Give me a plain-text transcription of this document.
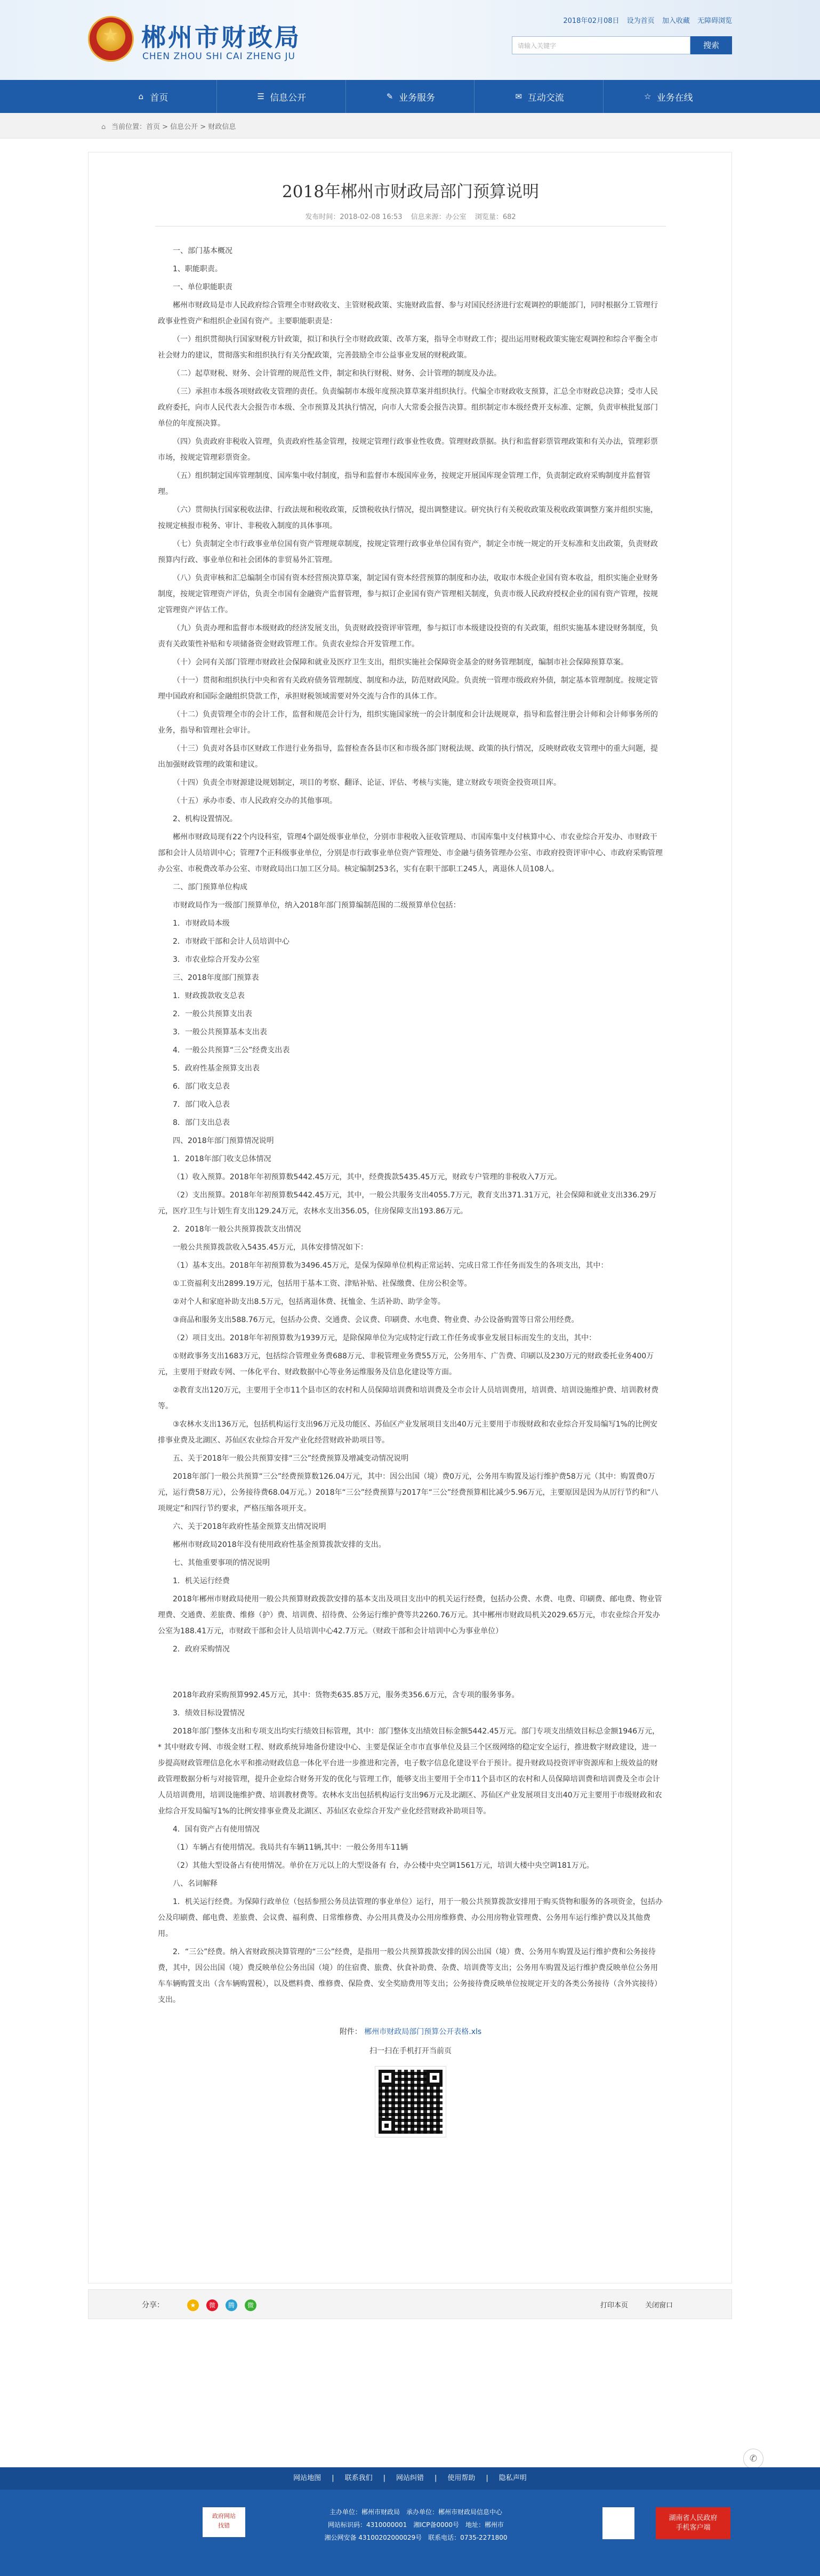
★ 郴州市财政局
CHEN ZHOU SHI CAI ZHENG JU
2018年02月08日 设为首页 加入收藏 无障碍浏览
请输入关键字	搜索
⌂ 首页	☰ 信息公开	✎ 业务服务	✉ 互动交流	☆ 业务在线
⌂ 当前位置：首页 > 信息公开 > 财政信息
2018年郴州市财政局部门预算说明
发布时间：2018-02-08 16:53 信息来源：办公室 浏览量：682

一、部门基本概况

1、职能职责。

一、单位职能职责

郴州市财政局是市人民政府综合管理全市财政收支、主管财税政策、实施财政监督、参与对国民经济进行宏观调控的职能部门，同时根据分工管理行政事业性资产和组织企业国有资产。主要职能职责是：

（一）组织贯彻执行国家财税方针政策，拟订和执行全市财政政策、改革方案，指导全市财政工作；提出运用财税政策实施宏观调控和综合平衡全市社会财力的建议，贯彻落实和组织执行有关分配政策，完善鼓励全市公益事业发展的财税政策。

（二）起草财税、财务、会计管理的规范性文件，制定和执行财税、财务、会计管理的制度及办法。

（三）承担市本级各项财政收支管理的责任。负责编制市本级年度预决算草案并组织执行。代编全市财政收支预算，汇总全市财政总决算；受市人民政府委托，向市人民代表大会报告市本级、全市预算及其执行情况，向市人大常委会报告决算。组织制定市本级经费开支标准、定额，负责审核批复部门单位的年度预决算。

（四）负责政府非税收入管理，负责政府性基金管理，按规定管理行政事业性收费。管理财政票据。执行和监督彩票管理政策和有关办法，管理彩票市场，按规定管理彩票资金。

（五）组织制定国库管理制度、国库集中收付制度，指导和监督市本级国库业务，按规定开展国库现金管理工作，负责制定政府采购制度并监督管理。

（六）贯彻执行国家税收法律、行政法规和税收政策，反馈税收执行情况，提出调整建议。研究执行有关税收政策及税收政策调整方案并组织实施，按规定核报市税务、审计、非税收入制度的具体事项。

（七）负责制定全市行政事业单位国有资产管理规章制度，按规定管理行政事业单位国有资产，制定全市统一规定的开支标准和支出政策，负责财政预算内行政、事业单位和社会团体的非贸易外汇管理。

（八）负责审核和汇总编制全市国有资本经营预决算草案，制定国有资本经营预算的制度和办法，收取市本级企业国有资本收益，组织实施企业财务制度，按规定管理资产评估，负责全市国有金融资产监督管理，参与拟订企业国有资产管理相关制度，负责市级人民政府授权企业的国有资产管理，按规定管理资产评估工作。

（九）负责办理和监督市本级财政的经济发展支出，负责财政投资评审管理，参与拟订市本级建设投资的有关政策，组织实施基本建设财务制度，负责有关政策性补贴和专项储备资金财政管理工作。负责农业综合开发管理工作。

（十）会同有关部门管理市财政社会保障和就业及医疗卫生支出，组织实施社会保障资金基金的财务管理制度，编制市社会保障预算草案。

（十一）贯彻和组织执行中央和省有关政府债务管理制度、制度和办法，防范财政风险。负责统一管理市级政府外债，制定基本管理制度。按规定管理中国政府和国际金融组织贷款工作，承担财税领域需要对外交流与合作的具体工作。

（十二）负责管理全市的会计工作，监督和规范会计行为，组织实施国家统一的会计制度和会计法规规章，指导和监督注册会计师和会计师事务所的业务，指导和管理社会审计。

（十三）负责对各县市区财政工作进行业务指导，监督检查各县市区和市级各部门财税法规、政策的执行情况，反映财政收支管理中的重大问题，提出加强财政管理的政策和建议。

（十四）负责全市财源建设规划制定，项目的考察、翻译、论证、评估、考核与实施，建立财政专项资金投资项目库。

（十五）承办市委、市人民政府交办的其他事项。

2、机构设置情况。

郴州市财政局现有22个内设科室，管理4个副处级事业单位，分别市非税收入征收管理局、市国库集中支付核算中心、市农业综合开发办、市财政干部和会计人员培训中心；管理7个正科级事业单位，分别是市行政事业单位资产管理处、市金融与债务管理办公室、市政府投资评审中心、市政府采购管理办公室、市税费改革办公室、市财政局出口加工区分局。核定编制253名，实有在职干部职工245人，离退休人员108人。

二、部门预算单位构成

市财政局作为一级部门预算单位，纳入2018年部门预算编制范围的二级预算单位包括：

1．市财政局本级

2．市财政干部和会计人员培训中心

3．市农业综合开发办公室

三、2018年度部门预算表

1．财政拨款收支总表

2．一般公共预算支出表

3．一般公共预算基本支出表

4．一般公共预算“三公”经费支出表

5．政府性基金预算支出表

6．部门收支总表

7．部门收入总表

8．部门支出总表

四、2018年部门预算情况说明

1．2018年部门收支总体情况

（1）收入预算。2018年年初预算数5442.45万元，其中，经费拨款5435.45万元，财政专户管理的非税收入7万元。

（2）支出预算。2018年年初预算数5442.45万元，其中，一般公共服务支出4055.7万元，教育支出371.31万元，社会保障和就业支出336.29万元，医疗卫生与计划生育支出129.24万元，农林水支出356.05，住房保障支出193.86万元。

2．2018年一般公共预算拨款支出情况

一般公共预算拨款收入5435.45万元，具体安排情况如下：

（1）基本支出。2018年年初预算数为3496.45万元，是保为保障单位机构正常运转、完成日常工作任务而发生的各项支出，其中：

①工资福利支出2899.19万元，包括用于基本工资、津贴补贴、社保缴费、住房公积金等。

②对个人和家庭补助支出8.5万元，包括离退休费、抚恤金、生活补助、助学金等。

③商品和服务支出588.76万元，包括办公费、交通费、会议费、印刷费、水电费、物业费、办公设备购置等日常公用经费。

（2）项目支出。2018年年初预算数为1939万元，是除保障单位为完成特定行政工作任务或事业发展目标而发生的支出，其中：

①财政事务支出1683万元，包括综合管理业务费688万元、非税管理业务费55万元，公务用车、广告费、印刷以及230万元的财政委托业务400万元，主要用于财政专网、一体化平台、财政数据中心等业务运维服务及信息化建设等方面。

②教育支出120万元，主要用于全市11个县市区的农村和人员保障培训费和培训费及全市会计人员培训费用，培训费、培训设施维护费、培训教材费等。

③农林水支出136万元，包括机构运行支出96万元及功能区、苏仙区产业发展项目支出40万元主要用于市级财政和农业综合开发局编写1%的比例安排事业费及北湖区、苏仙区农业综合开发产业化经营财政补助项目等。

五、关于2018年一般公共预算安排“三公”经费预算及增减变动情况说明

2018年部门一般公共预算“三公”经费预算数126.04万元，其中：因公出国（境）费0万元，公务用车购置及运行维护费58万元（其中：购置费0万元，运行费58万元），公务接待费68.04万元。）2018年“三公”经费预算与2017年“三公”经费预算相比减少5.96万元，主要原因是因为从厉行节约和“八项规定”和四行节约要求，严格压缩各项开支。

六、关于2018年政府性基金预算支出情况说明

郴州市财政局2018年没有使用政府性基金预算拨款安排的支出。

七、其他重要事项的情况说明

1．机关运行经费

2018年郴州市财政局使用一般公共预算财政拨款安排的基本支出及项目支出中的机关运行经费，包括办公费、水费、电费、印刷费、邮电费、物业管理费、交通费、差旅费、维修（护）费、培训费、招待费、公务运行维护费等共2260.76万元。其中郴州市财政局机关2029.65万元，市农业综合开发办公室为188.41万元，市财政干部和会计人员培训中心42.7万元。（财政干部和会计培训中心为事业单位）

2．政府采购情况

2018年政府采购预算992.45万元，其中：货物类635.85万元，服务类356.6万元，含专项的服务事务。

3．绩效目标设置情况

2018年部门整体支出和专项支出均实行绩效目标管理，其中：部门整体支出绩效目标金额5442.45万元。部门专项支出绩效目标总金额1946万元，* 其中财政专网、市级金财工程、财政系统异地备份建设中心、主要是保证全市市直事单位及县三个区级网络的稳定安全运行，推进数字财政建设，进一步提高财政管理信息化水平和推动财政信息一体化平台进一步推进和完善，电子数字信息化建设平台于预计。提升财政局投资评审资源库和上级效益的财政管理数据分析与对接管理，提升企业综合财务开发的优化与管理工作，能够支出主要用于全市11个县市区的农村和人员保障培训费和培训费及全市会计人员培训费用，培训设施维护费、培训教材费等。农林水支出包括机构运行支出96万元及北湖区、苏仙区产业发展项目支出40万元主要用于市级财政和农业综合开发局编写1%的比例安排事业费及北湖区、苏仙区农业综合开发产业化经营财政补助项目等。

4．国有资产占有使用情况

（1）车辆占有使用情况。我局共有车辆11辆,其中：一般公务用车11辆

（2）其他大型设备占有使用情况。单价在万元以上的大型设备有 台，办公楼中央空调1561万元，培训大楼中央空调181万元。

八、名词解释

1．机关运行经费。为保障行政单位（包括参照公务员法管理的事业单位）运行，用于一般公共预算拨款安排用于购买货物和服务的各项资金，包括办公及印刷费、邮电费、差旅费、会议费、福利费、日常维修费、办公用具费及办公用房维修费、办公用房物业管理费、公务用车运行维护费以及其他费用。

2．“三公”经费。纳入省财政预决算管理的“三公”经费，是指用一般公共预算拨款安排的因公出国（境）费、公务用车购置及运行维护费和公务接待费，其中，因公出国（境）费反映单位公务出国（境）的住宿费、旅费、伙食补助费、杂费、培训费等支出；公务用车购置及运行维护费反映单位公务用车车辆购置支出（含车辆购置税），以及燃料费、维修费、保险费、安全奖励费用等支出；公务接待费反映单位按规定开支的各类公务接待（含外宾接待）支出。

附件： 郴州市财政局部门预算公开表格.xls
扫一扫在手机打开当前页
分享：	★	微	腾	微	打印本页 关闭窗口
✆
网站地图 | 联系我们 | 网站纠错 | 使用帮助 | 隐私声明
政府网站
找错
主办单位：郴州市财政局　承办单位：郴州市财政局信息中心
网站标识码：4310000001　湘ICP备0000号　地址：郴州市
湘公网安备 43100202000029号　联系电话：0735-2271800
湖南省人民政府
手机客户端
